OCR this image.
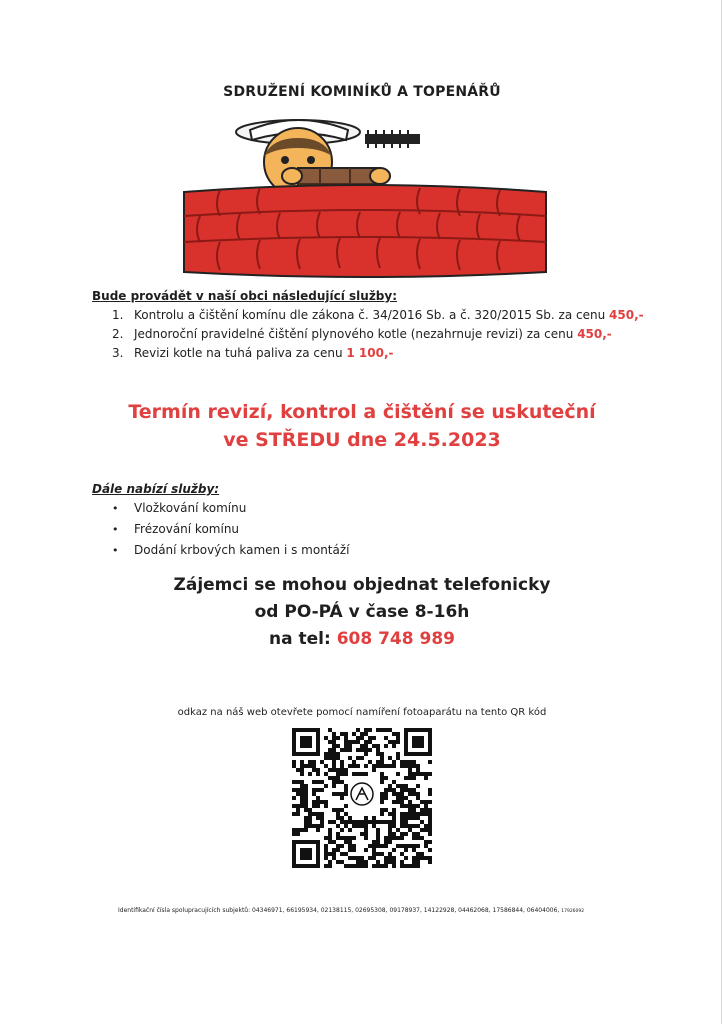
SDRUŽENÍ KOMINÍKŮ A TOPENÁŘŮ
Bude provádět v naší obci následující služby:
1. Kontrolu a čištění komínu dle zákona č. 34/2016 Sb. a č. 320/2015 Sb. za cenu 450,-
2. Jednoroční pravidelné čištění plynového kotle (nezahrnuje revizi) za cenu 450,-
3. Revizi kotle na tuhá paliva za cenu 1 100,-
Termín revizí, kontrol a čištění se uskuteční
ve STŘEDU dne 24.5.2023
Dále nabízí služby:
• Vložkování komínu
• Frézování komínu
• Dodání krbových kamen i s montáží
Zájemci se mohou objednat telefonicky
od PO-PÁ v čase 8-16h
na tel: 608 748 989
odkaz na náš web otevřete pomocí namíření fotoaparátu na tento QR kód
Identifikační čísla spolupracujících subjektů: 04346971, 66195934, 02138115, 02695308, 09178937, 14122928, 04462068, 17586844, 06404006, 17926092
